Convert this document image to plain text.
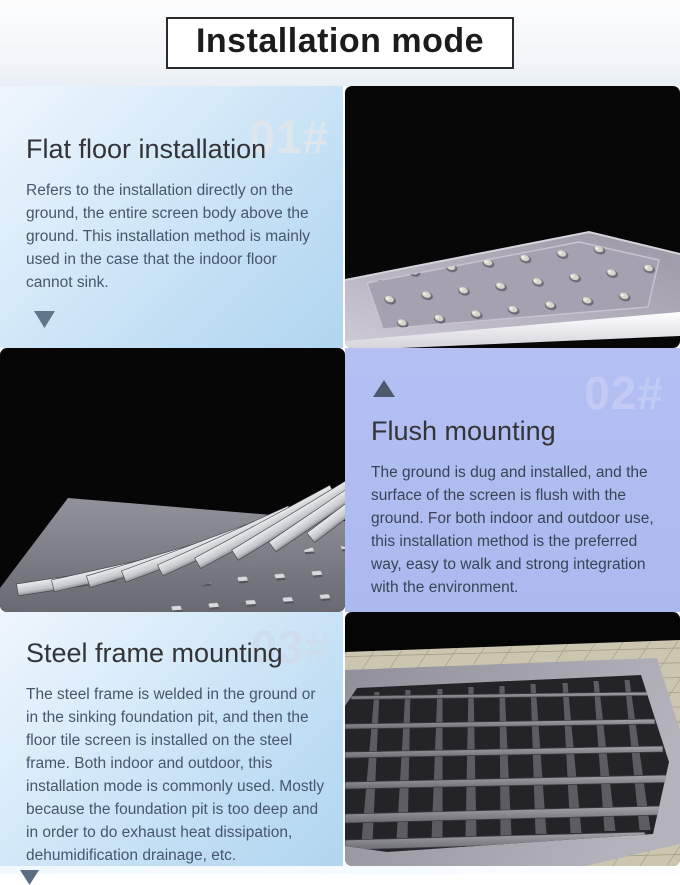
Installation mode
01#
Flat floor installation

Refers to the installation directly on the ground, the entire screen body above the ground. This installation method is mainly used in the case that the indoor floor cannot sink.

02#
Flush mounting

The ground is dug and installed, and the surface of the screen is flush with the ground. For both indoor and outdoor use, this installation method is the preferred way, easy to walk and strong integration with the environment.

03#
Steel frame mounting

The steel frame is welded in the ground or in the sinking foundation pit, and then the floor tile screen is installed on the steel frame. Both indoor and outdoor, this installation mode is commonly used. Mostly because the foundation pit is too deep and in order to do exhaust heat dissipation, dehumidification drainage, etc.
